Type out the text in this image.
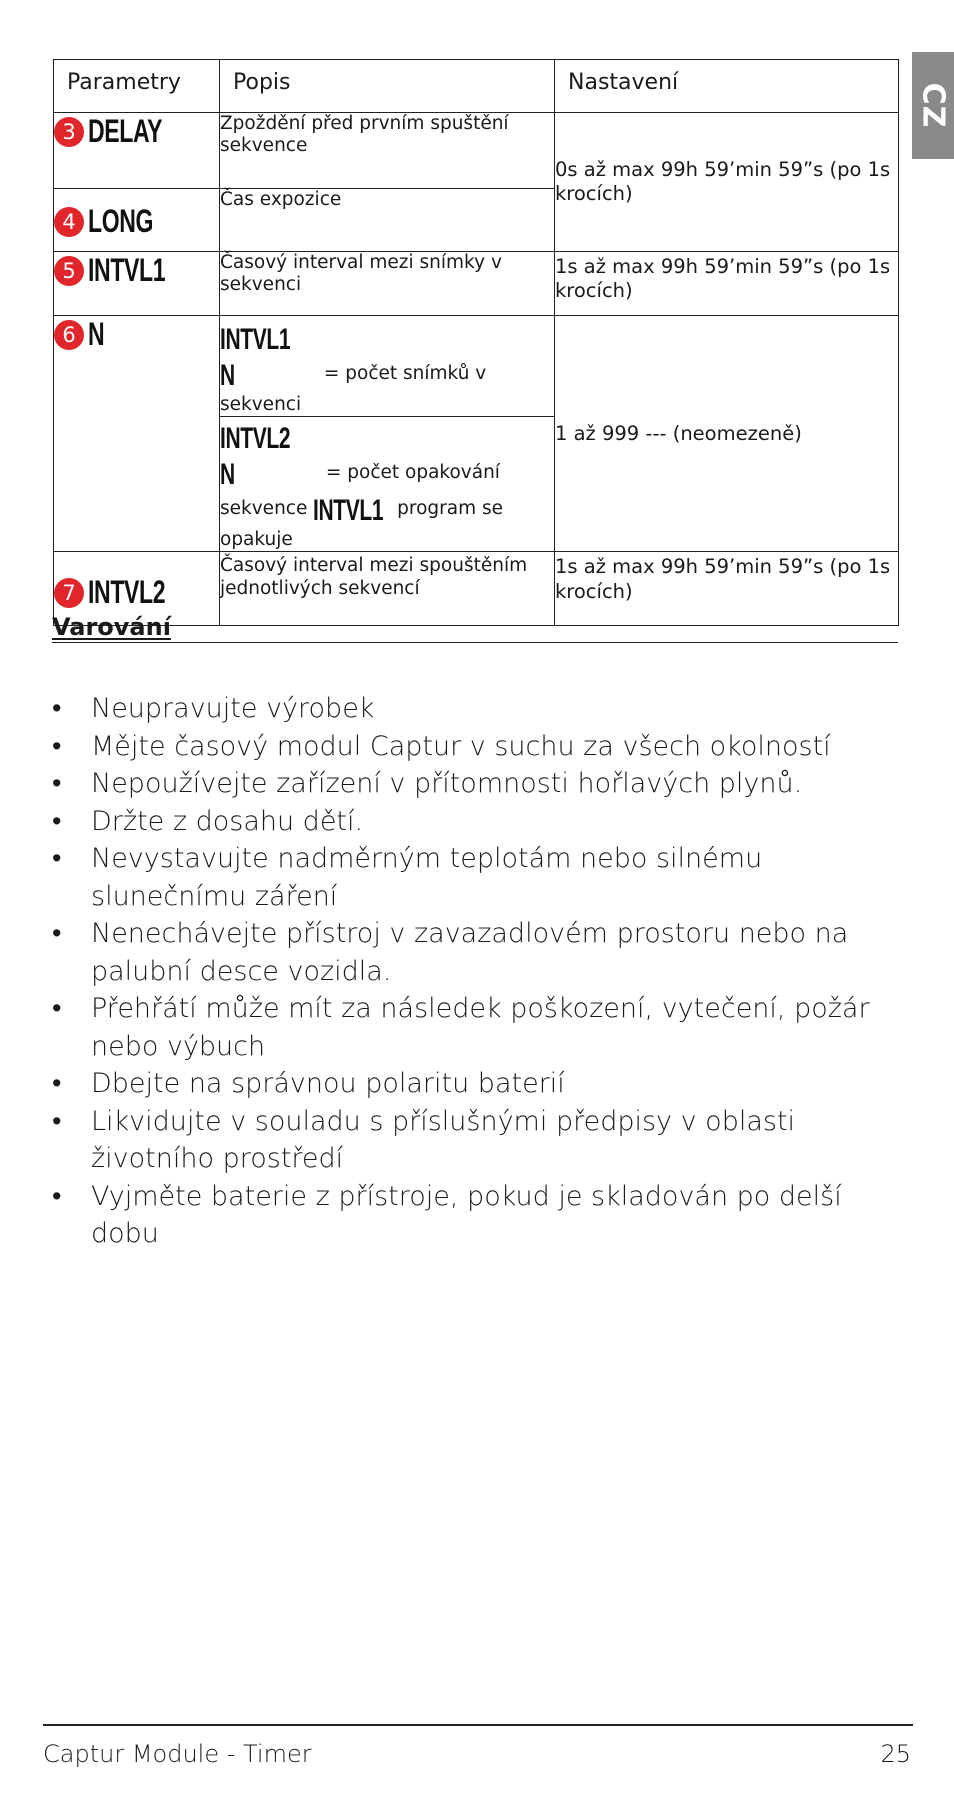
CZ
Parametry	Popis	Nastavení
3 DELAY	Zpoždění před prvním spuštění sekvence	0s až max 99h 59’min 59”s (po 1s krocích)
4 LONG	Čas expozice	
5 INTVL1	Časový interval mezi snímky v sekvenci	1s až max 99h 59’min 59”s (po 1s krocích)
6 N	INTVL1 N = počet snímků v sekvenci	1 až 999 --- (neomezeně)
	INTVL2 N = počet opakování sekvence INTVL1 program se opakuje	
7 INTVL2	Časový interval mezi spouštěním jednotlivých sekvencí	1s až max 99h 59’min 59”s (po 1s krocích)
Varování
• Neupravujte výrobek
• Mějte časový modul Captur v suchu za všech okolností
• Nepoužívejte zařízení v přítomnosti hořlavých plynů.
• Držte z dosahu dětí.
• Nevystavujte nadměrným teplotám nebo silnému slunečnímu záření
• Nenechávejte přístroj v zavazadlovém prostoru nebo na palubní desce vozidla.
• Přehřátí může mít za následek poškození, vytečení, požár nebo výbuch
• Dbejte na správnou polaritu baterií
• Likvidujte v souladu s příslušnými předpisy v oblasti životního prostředí
• Vyjměte baterie z přístroje, pokud je skladován po delší dobu
Captur Module - Timer	25
